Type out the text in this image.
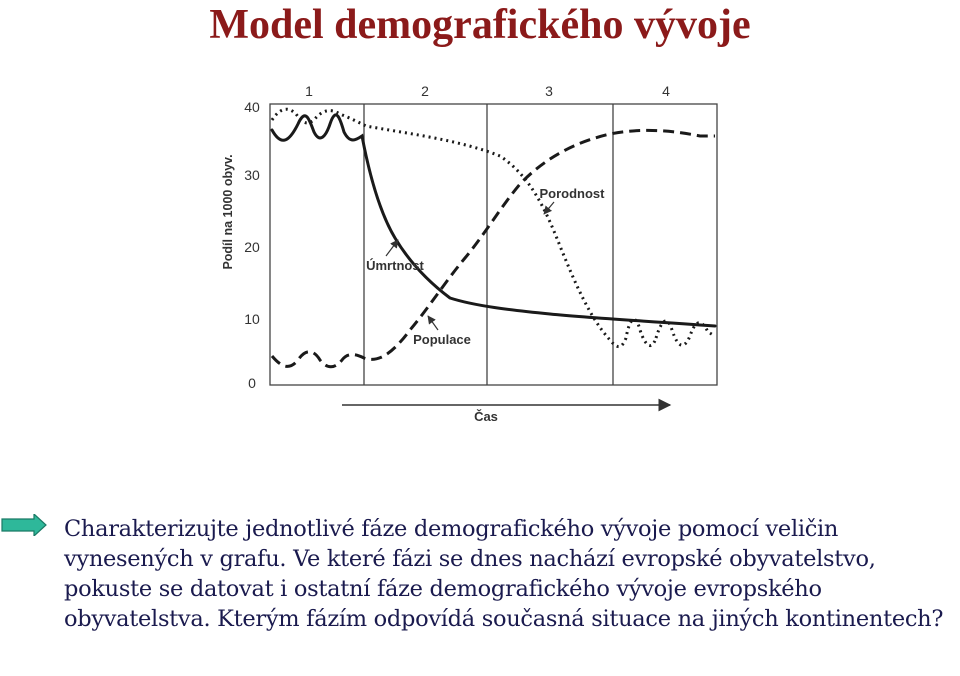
Model demografického vývoje
Podíl na 1000 obyv.
40
30
20
10
0
1	2	3	4
Úmrtnost
Porodnost
Populace
Čas
Charakterizujte jednotlivé fáze demografického vývoje pomocí veličin vynesených v grafu. Ve které fázi se dnes nachází evropské obyvatelstvo, pokuste se datovat i ostatní fáze demografického vývoje evropského obyvatelstva. Kterým fázím odpovídá současná situace na jiných kontinentech?
